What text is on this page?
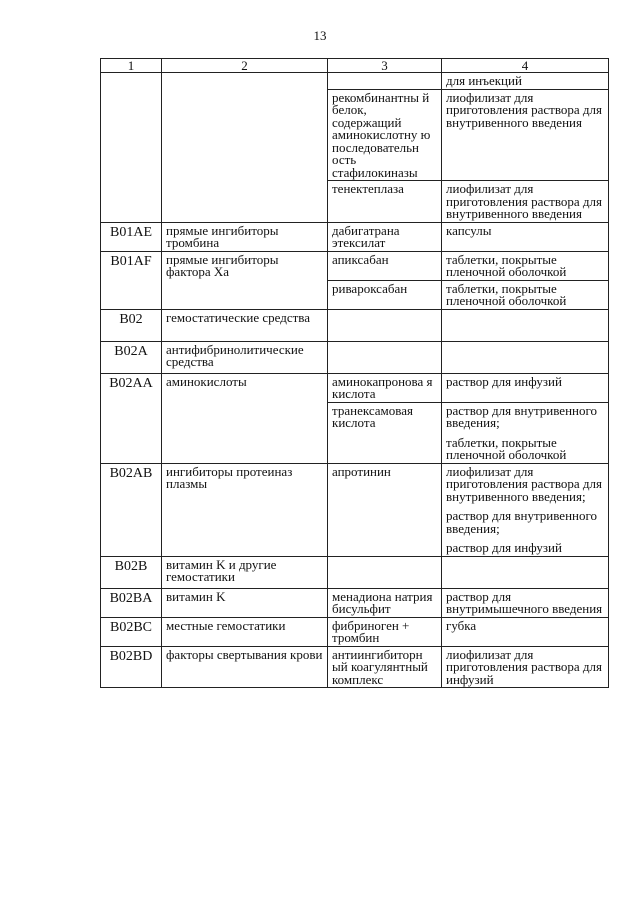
13
1	2	3	4

			для инъекций

		рекомбинантны й белок, содержащий аминокислотну ю последовательн ость стафилокиназы	лиофилизат для приготовления раствора для внутривенного введения

		тенектеплаза	лиофилизат для приготовления раствора для внутривенного введения

B01AE	прямые ингибиторы тромбина	дабигатрана этексилат	капсулы

B01AF	прямые ингибиторы фактора Ха	апиксабан	таблетки, покрытые пленочной оболочкой

		ривароксабан	таблетки, покрытые пленочной оболочкой

B02	гемостатические средства		
B02A	антифибринолитические средства		
B02AA	аминокислоты	аминокапронова я кислота	раствор для инфузий

		транексамовая кислота	раствор для внутривенного введения;
таблетки, покрытые пленочной оболочкой

B02AB	ингибиторы протеиназ плазмы	апротинин	лиофилизат для приготовления раствора для внутривенного введения;
раствор для внутривенного введения;
раствор для инфузий

B02B	витамин K и другие гемостатики		
B02BA	витамин K	менадиона натрия бисульфит	раствор для внутримышечного введения

B02BC	местные гемостатики	фибриноген + тромбин	губка

B02BD	факторы свертывания крови	антиингибиторн ый коагулянтный комплекс	лиофилизат для приготовления раствора для инфузий
